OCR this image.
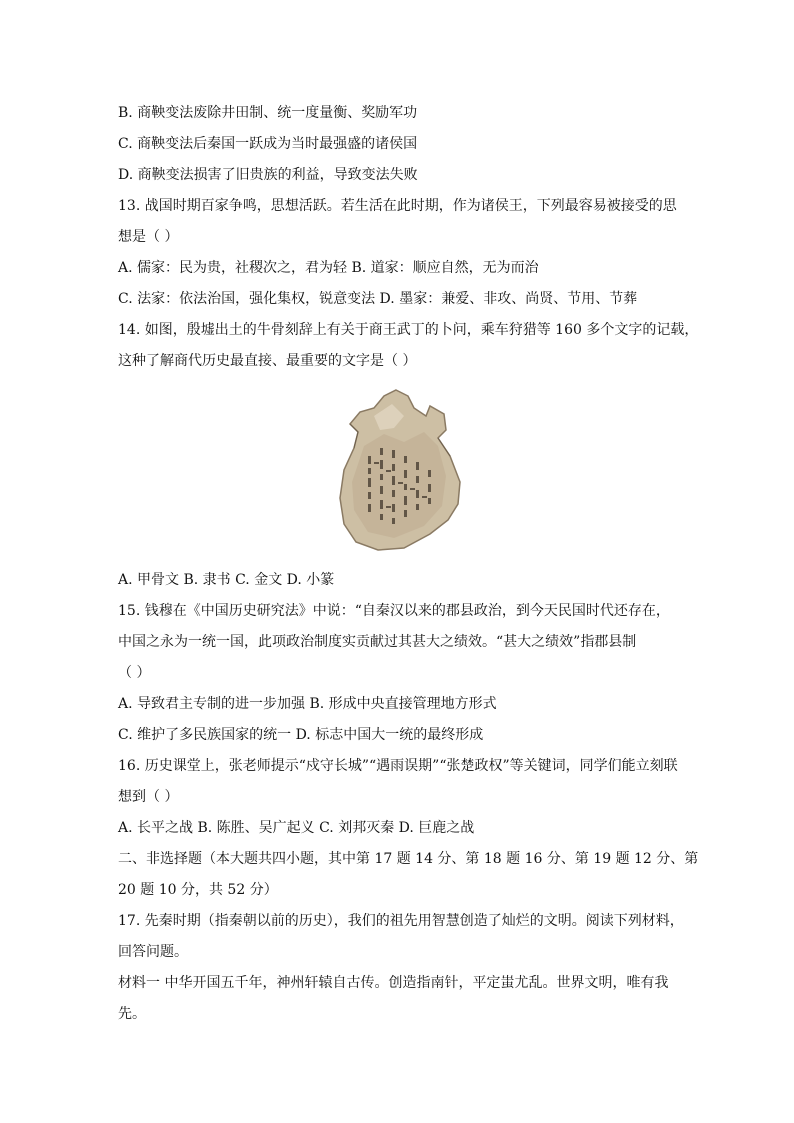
B. 商鞅变法废除井田制、统一度量衡、奖励军功
C. 商鞅变法后秦国一跃成为当时最强盛的诸侯国
D. 商鞅变法损害了旧贵族的利益，导致变法失败
13. 战国时期百家争鸣，思想活跃。若生活在此时期，作为诸侯王，下列最容易被接受的思
想是（ ）
A. 儒家：民为贵，社稷次之，君为轻 B. 道家：顺应自然，无为而治
C. 法家：依法治国，强化集权，锐意变法 D. 墨家：兼爱、非攻、尚贤、节用、节葬
14. 如图，殷墟出土的牛骨刻辞上有关于商王武丁的卜问，乘车狩猎等 160 多个文字的记载，
这种了解商代历史最直接、最重要的文字是（ ）
A. 甲骨文 B. 隶书 C. 金文 D. 小篆
15. 钱穆在《中国历史研究法》中说：“自秦汉以来的郡县政治，到今天民国时代还存在，
中国之永为一统一国，此项政治制度实贡献过其甚大之绩效。“甚大之绩效”指郡县制
（ ）
A. 导致君主专制的进一步加强 B. 形成中央直接管理地方形式
C. 维护了多民族国家的统一 D. 标志中国大一统的最终形成
16. 历史课堂上，张老师提示“戍守长城”“遇雨误期”“张楚政权”等关键词，同学们能立刻联
想到（ ）
A. 长平之战 B. 陈胜、吴广起义 C. 刘邦灭秦 D. 巨鹿之战
二、非选择题（本大题共四小题，其中第 17 题 14 分、第 18 题 16 分、第 19 题 12 分、第
20 题 10 分，共 52 分）
17. 先秦时期（指秦朝以前的历史），我们的祖先用智慧创造了灿烂的文明。阅读下列材料，
回答问题。
材料一 中华开国五千年，神州轩辕自古传。创造指南针，平定蚩尤乱。世界文明，唯有我
先。
